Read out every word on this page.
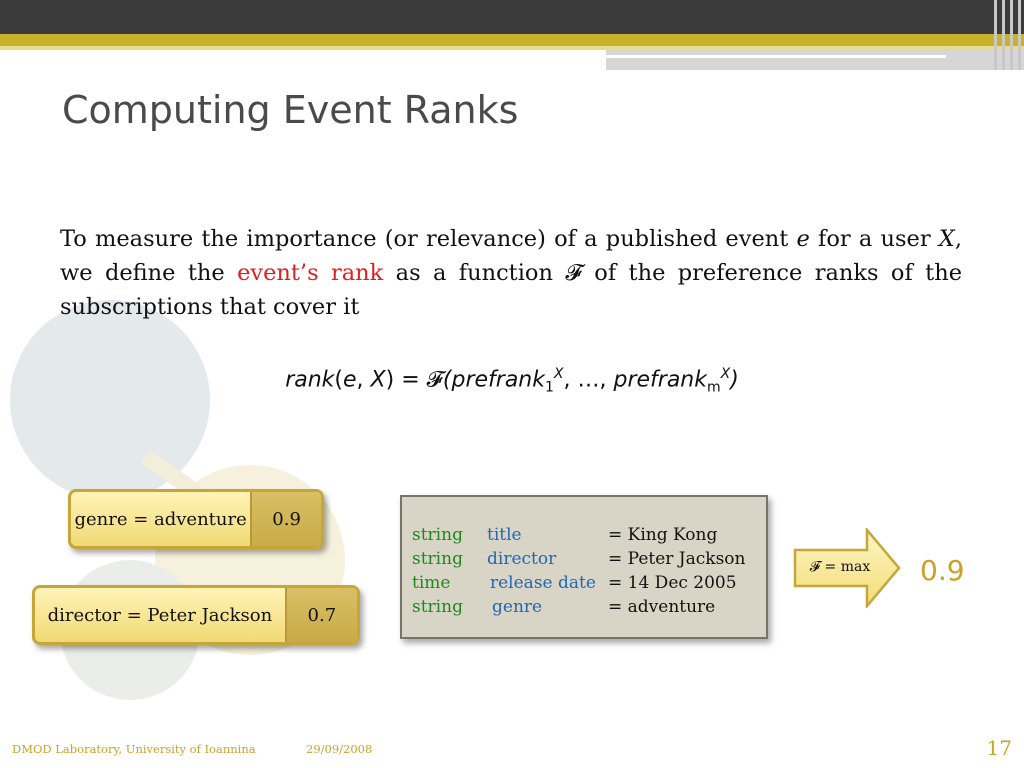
Computing Event Ranks
To measure the importance (or relevance) of a published event e for a user X, we define the event’s rank as a function 𝓕 of the preference ranks of the subscriptions that cover it
rank(e, X) = 𝓕(prefrank$_1^X$, …, prefrank$_m^X$)
genre = adventure	0.9
director = Peter Jackson	0.7
string title	= King Kong
string director	= Peter Jackson
time release date = 14 Dec 2005
string genre	= adventure
𝓕 = max	0.9
DMOD Laboratory, University of Ioannina	29/09/2008	17
